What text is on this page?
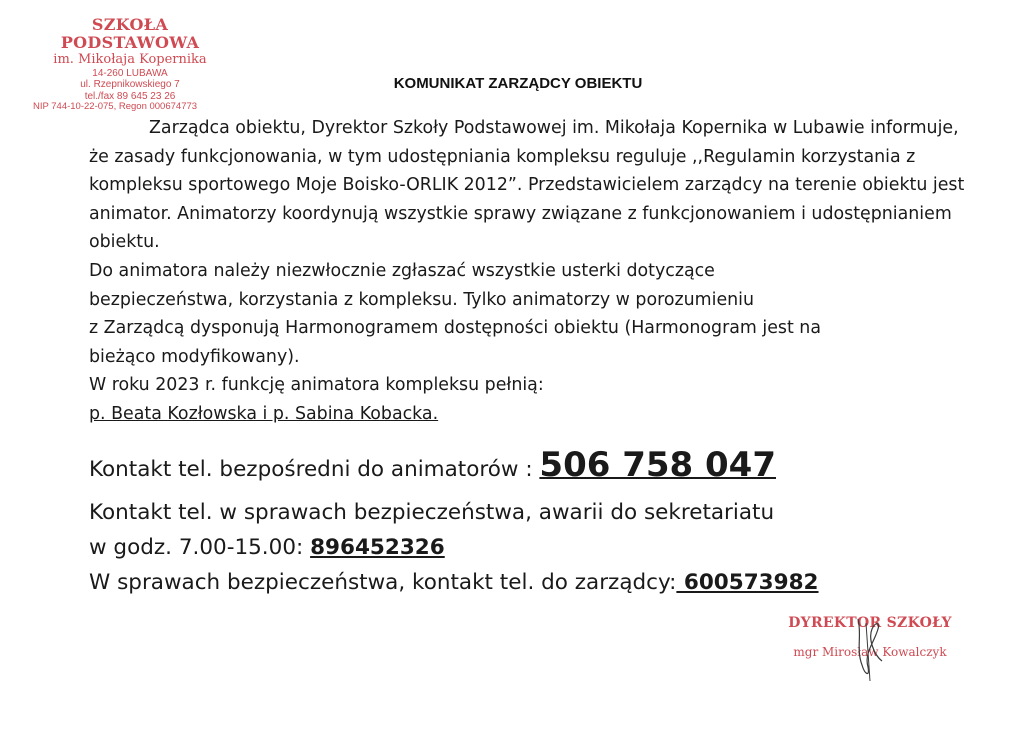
SZKOŁA PODSTAWOWA
im. Mikołaja Kopernika
14-260 LUBAWA
ul. Rzepnikowskiego 7
tel./fax 89 645 23 26
NIP 744-10-22-075, Regon 000674773
KOMUNIKAT ZARZĄDCY OBIEKTU

Zarządca obiektu, Dyrektor Szkoły Podstawowej im. Mikołaja Kopernika w Lubawie informuje, że zasady funkcjonowania, w tym udostępniania kompleksu reguluje ,,Regulamin korzystania z kompleksu sportowego Moje Boisko-ORLIK 2012”. Przedstawicielem zarządcy na terenie obiektu jest animator. Animatorzy koordynują wszystkie sprawy związane z funkcjonowaniem i udostępnianiem obiektu.

Do animatora należy niezwłocznie zgłaszać wszystkie usterki dotyczące

bezpieczeństwa, korzystania z kompleksu. Tylko animatorzy w porozumieniu

z Zarządcą dysponują Harmonogramem dostępności obiektu (Harmonogram jest na

bieżąco modyfikowany).

W roku 2023 r. funkcję animatora kompleksu pełnią:

p. Beata Kozłowska i p. Sabina Kobacka.

Kontakt tel. bezpośredni do animatorów : 506 758 047
Kontakt tel. w sprawach bezpieczeństwa, awarii do sekretariatu
w godz. 7.00-15.00: 896452326
W sprawach bezpieczeństwa, kontakt tel. do zarządcy: 600573982
DYREKTOR SZKOŁY
mgr Mirosław Kowalczyk
